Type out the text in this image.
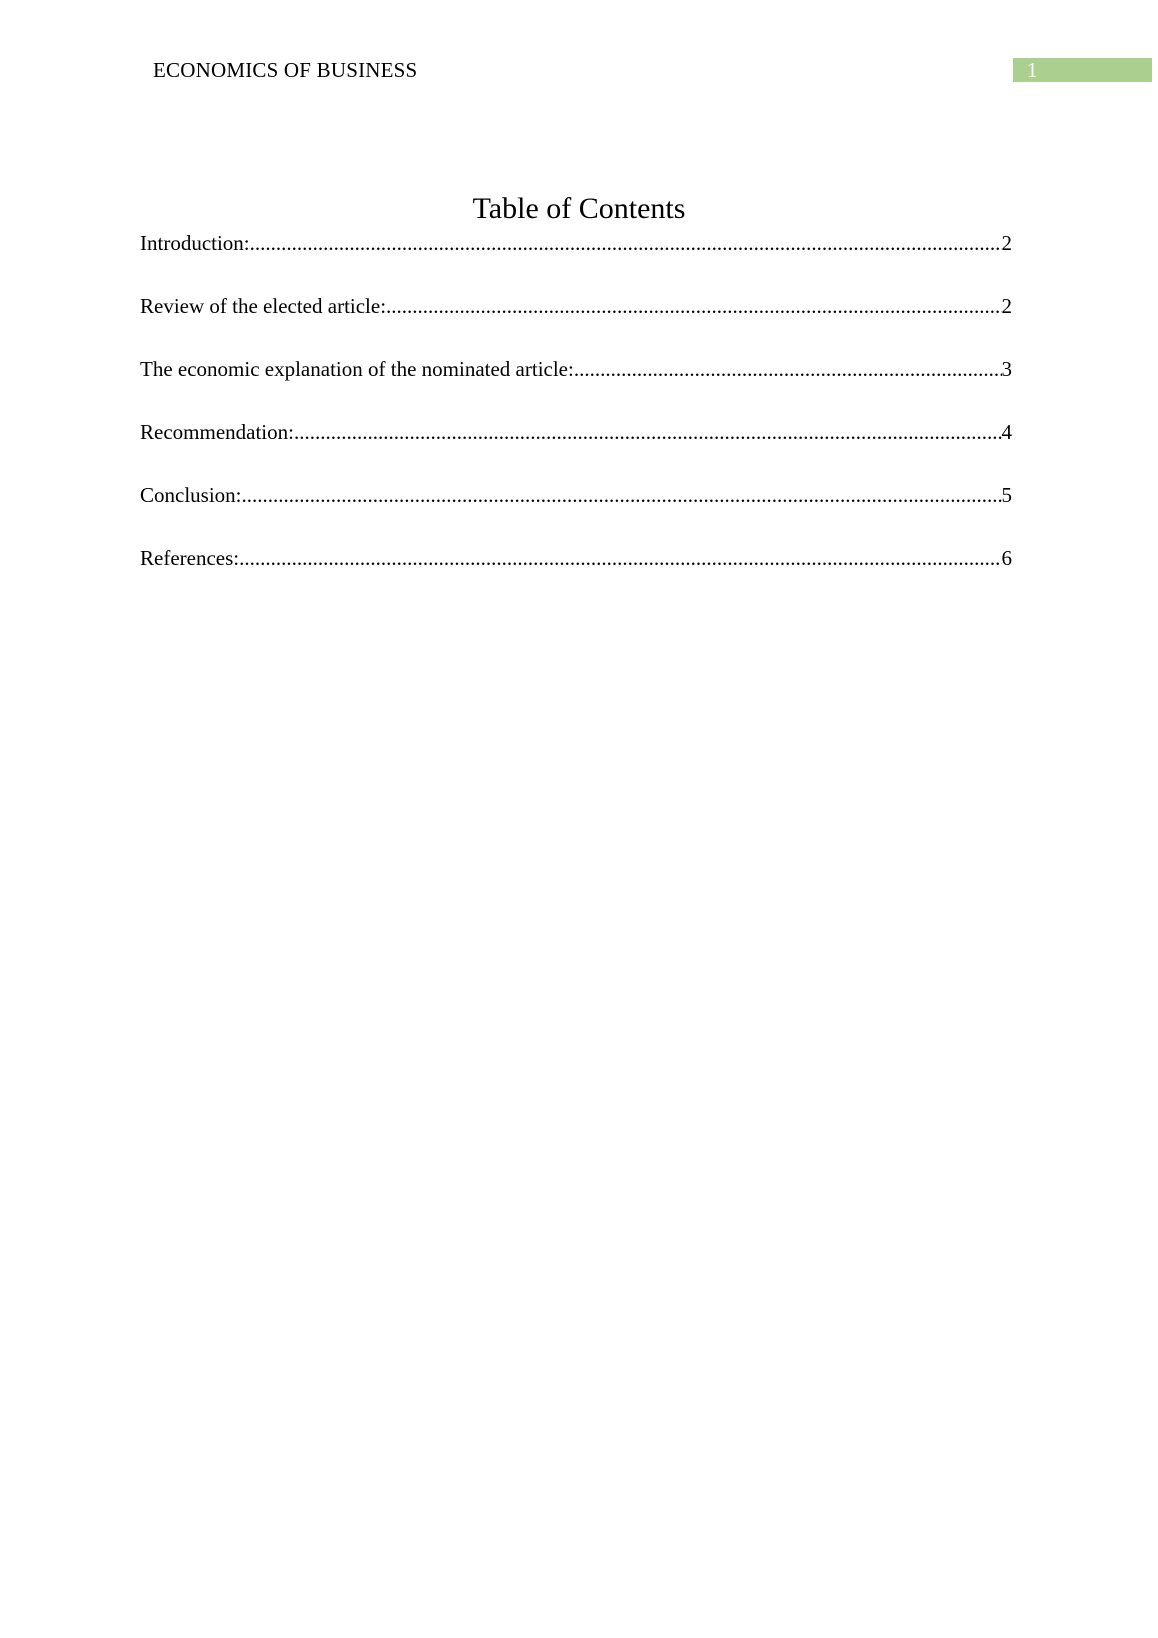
ECONOMICS OF BUSINESS	1
Table of Contents
Introduction: .....	2
Review of the elected article: .....	2
The economic explanation of the nominated article: .....	3
Recommendation: .....	4
Conclusion: .....	5
References: .....	6
